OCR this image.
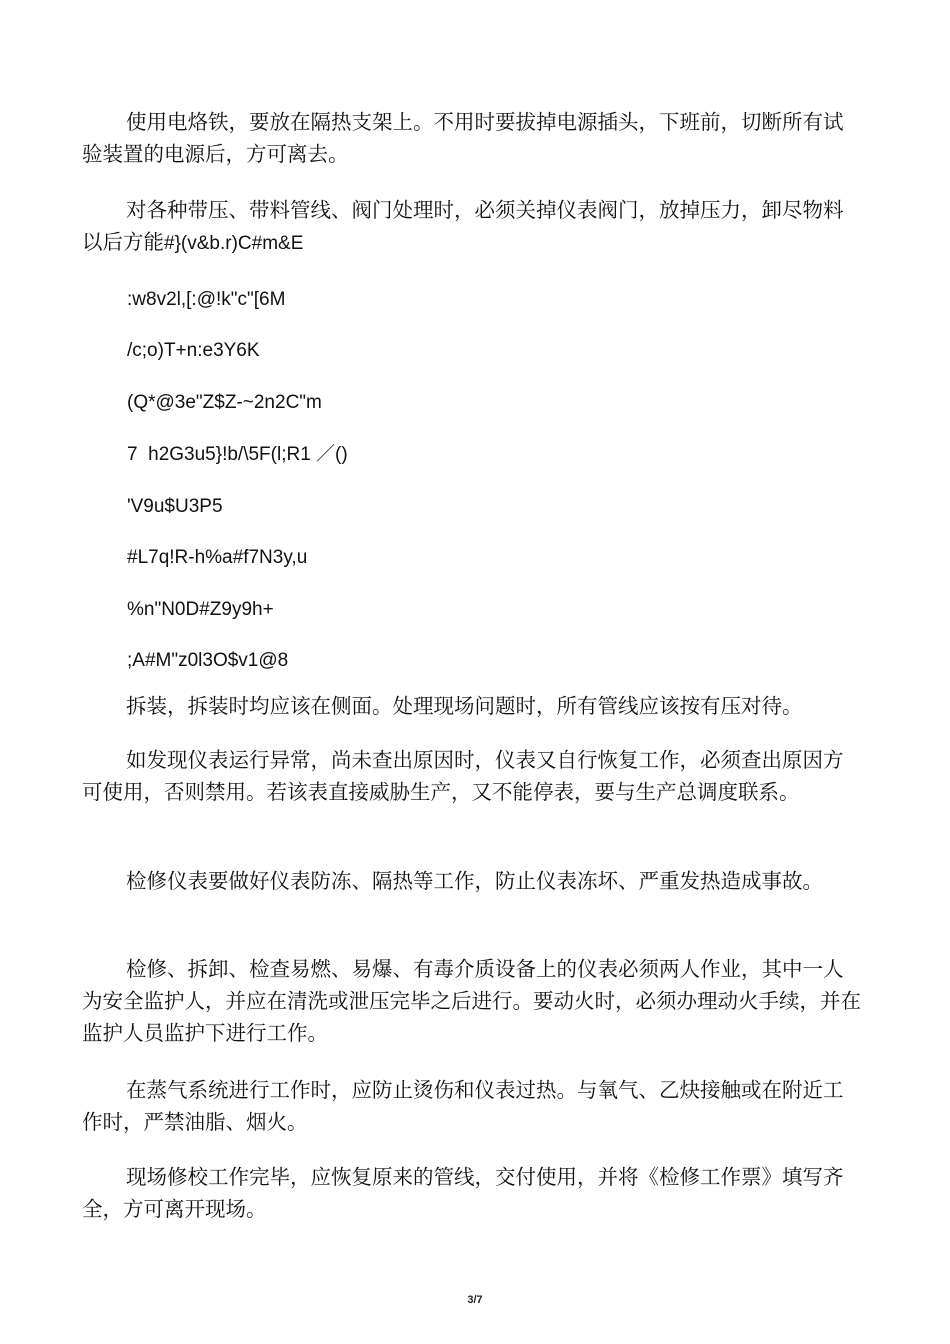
使用电烙铁，要放在隔热支架上。不用时要拔掉电源插头，下班前，切断所有试验装置的电源后，方可离去。

对各种带压、带料管线、阀门处理时，必须关掉仪表阀门，放掉压力，卸尽物料以后方能#}(v&b.r)C#m&E

:w8v2l,[:@!k"c"[6M
/c;o)T+n:e3Y6K
(Q*@3e"Z$Z-~2n2C"m
7  h2G3u5}!b/\5F(l;R1 ／()
'V9u$U3P5
#L7q!R-h%a#f7N3y,u
%n"N0D#Z9y9h+
;A#M"z0l3O$v1@8

拆装，拆装时均应该在侧面。处理现场问题时，所有管线应该按有压对待。

如发现仪表运行异常，尚未查出原因时，仪表又自行恢复工作，必须查出原因方可使用，否则禁用。若该表直接威胁生产，又不能停表，要与生产总调度联系。

检修仪表要做好仪表防冻、隔热等工作，防止仪表冻坏、严重发热造成事故。

检修、拆卸、检查易燃、易爆、有毒介质设备上的仪表必须两人作业，其中一人为安全监护人，并应在清洗或泄压完毕之后进行。要动火时，必须办理动火手续，并在监护人员监护下进行工作。

在蒸气系统进行工作时，应防止烫伤和仪表过热。与氧气、乙炔接触或在附近工作时，严禁油脂、烟火。

现场修校工作完毕，应恢复原来的管线，交付使用，并将《检修工作票》填写齐全，方可离开现场。

3/7
